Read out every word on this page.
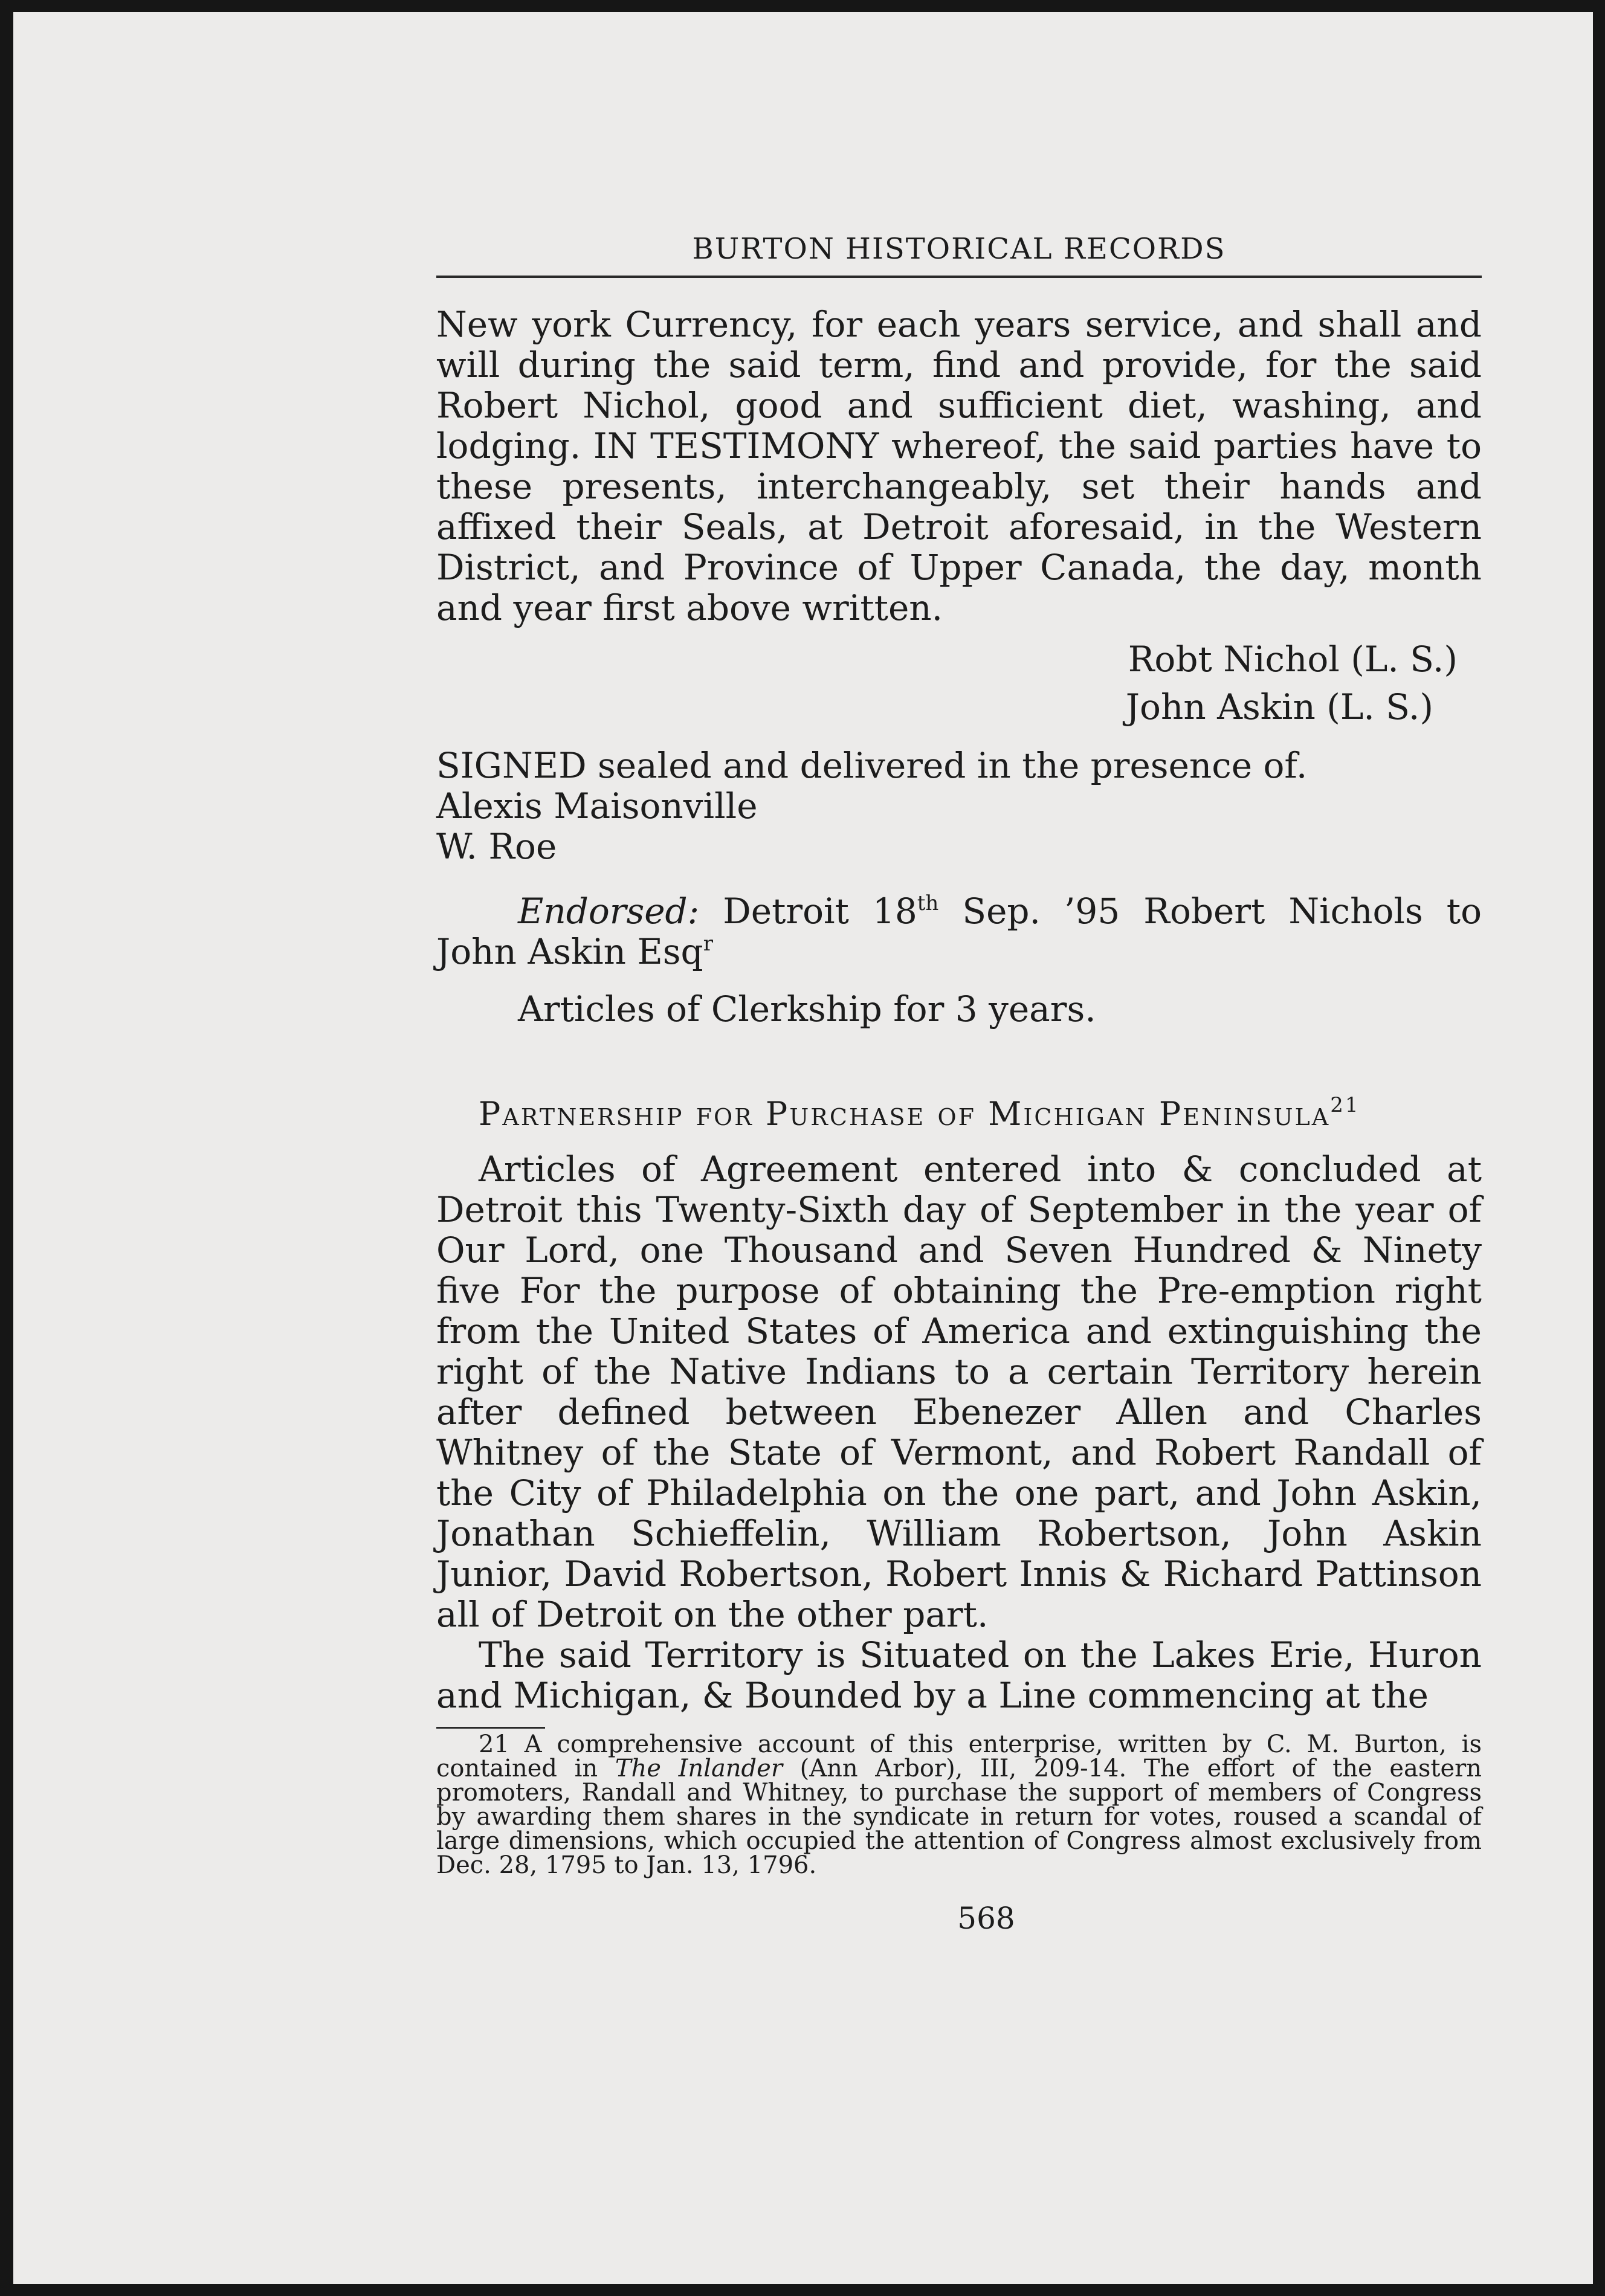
BURTON HISTORICAL RECORDS

New york Currency, for each years service, and shall and will during the said term, find and provide, for the said Robert Nichol, good and sufficient diet, washing, and lodging. IN TESTIMONY whereof, the said parties have to these presents, interchangeably, set their hands and affixed their Seals, at Detroit aforesaid, in the Western District, and Province of Upper Canada, the day, month and year first above written.

Robt Nichol (L. S.)

John Askin (L. S.)

SIGNED sealed and delivered in the presence of.

Alexis Maisonville

W. Roe

Endorsed: Detroit 18th Sep. ’95 Robert Nichols to John Askin Esq$^r$

Articles of Clerkship for 3 years.

Partnership for Purchase of Michigan Peninsula$^{21}$

Articles of Agreement entered into & concluded at Detroit this Twenty-Sixth day of September in the year of Our Lord, one Thousand and Seven Hundred & Ninety five For the purpose of obtaining the Pre-emption right from the United States of America and extinguishing the right of the Native Indians to a certain Territory herein after defined between Ebenezer Allen and Charles Whitney of the State of Vermont, and Robert Randall of the City of Philadelphia on the one part, and John Askin, Jonathan Schieffelin, William Robertson, John Askin Junior, David Robertson, Robert Innis & Richard Pattinson all of Detroit on the other part.

The said Territory is Situated on the Lakes Erie, Huron and Michigan, & Bounded by a Line commencing at the

21 A comprehensive account of this enterprise, written by C. M. Burton, is contained in The Inlander (Ann Arbor), III, 209-14. The effort of the eastern promoters, Randall and Whitney, to purchase the support of members of Congress by awarding them shares in the syndicate in return for votes, roused a scandal of large dimensions, which occupied the attention of Congress almost exclusively from Dec. 28, 1795 to Jan. 13, 1796.

568
